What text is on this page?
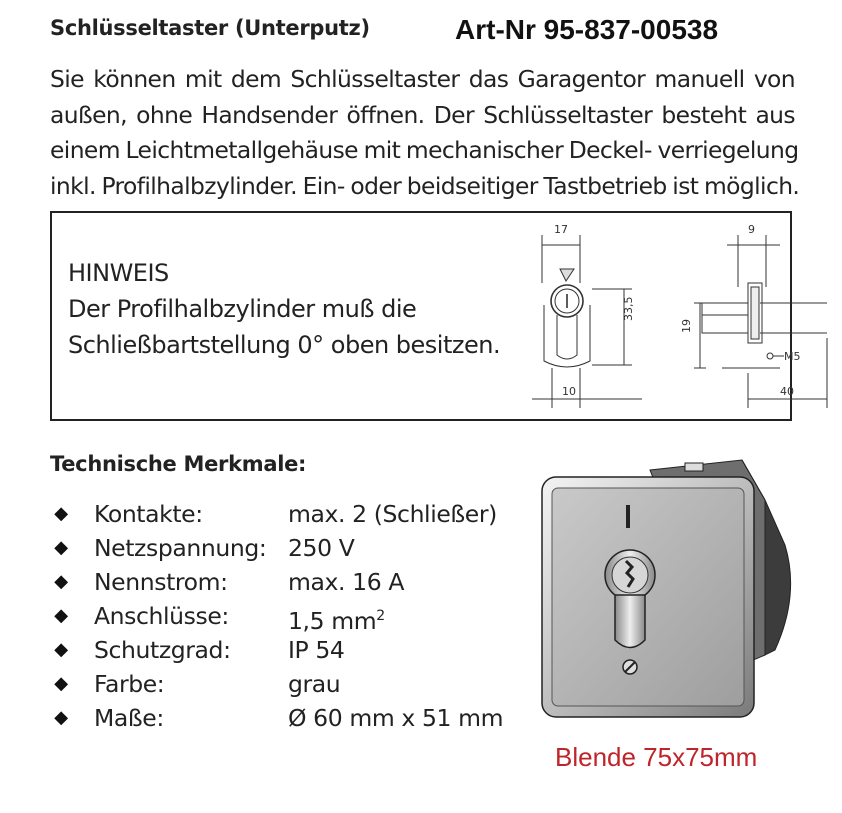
Schlüsseltaster (Unterputz)	Art-Nr 95-837-00538
Sie können mit dem Schlüsseltaster das Garagentor manuell von
außen, ohne Handsender öffnen. Der Schlüsseltaster besteht aus
einem Leichtmetallgehäuse mit mechanischer Deckel- verriegelung
inkl. Profilhalbzylinder. Ein- oder beidseitiger Tastbetrieb ist möglich.
HINWEIS
Der Profilhalbzylinder muß die
Schließbartstellung 0° oben besitzen.
17
33,5
10
9
19
M5
40
Technische Merkmale:
◆ Kontakte:	max. 2 (Schließer)
◆ Netzspannung: 250 V
◆ Nennstrom:	max. 16 A
◆ Anschlüsse:	1,5 $mm^2$
◆ Schutzgrad: IP 54
◆ Farbe:	grau
◆ Maße:	Ø 60 mm x 51 mm
Blende 75x75mm
